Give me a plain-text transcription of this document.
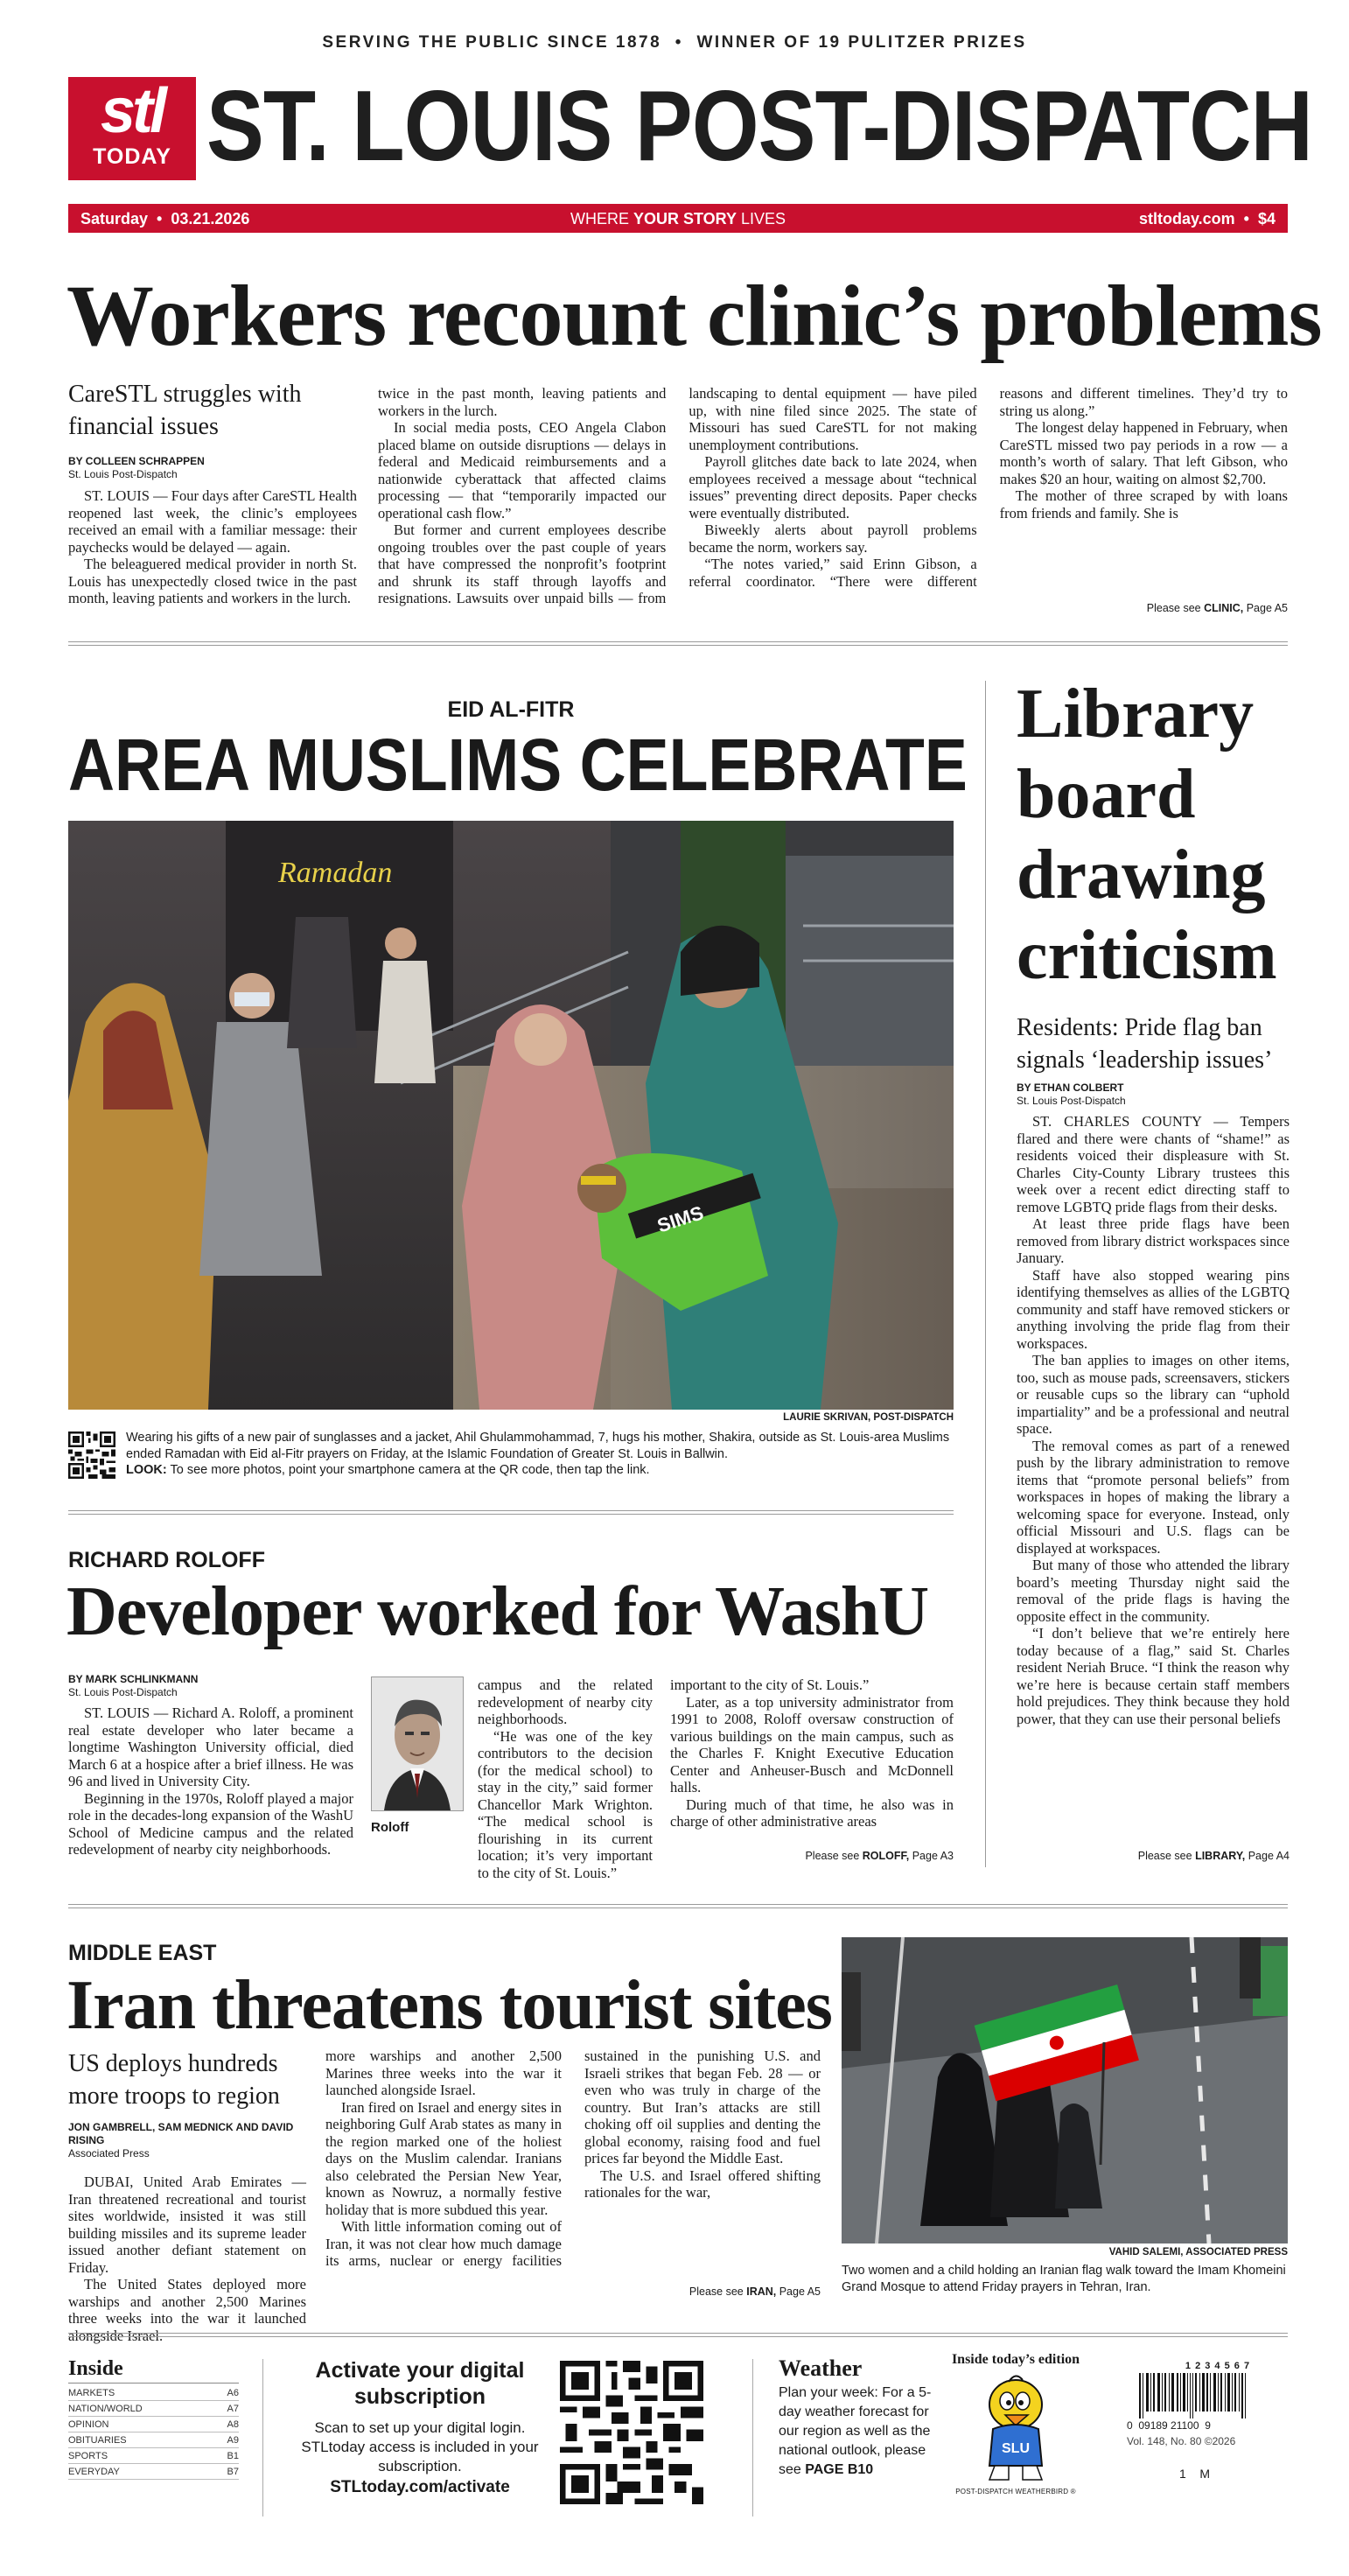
SERVING THE PUBLIC SINCE 1878  •  WINNER OF 19 PULITZER PRIZES
stl
TODAY ST. LOUIS POST-DISPATCH
Saturday  •  03.21.2026	WHERE YOUR STORY LIVES	stltoday.com  •  $4
Workers recount clinic’s problems
CareSTL struggles with financial issues
BY COLLEEN SCHRAPPEN
St. Louis Post-Dispatch

ST. LOUIS — Four days after CareSTL Health reopened last week, the clinic’s employees received an email with a familiar message: their paychecks would be delayed — again.

The beleaguered medical provider in north St. Louis has unexpectedly closed twice in the past month, leaving patients and workers in the lurch.

twice in the past month, leaving patients and workers in the lurch.

In social media posts, CEO Angela Clabon placed blame on outside disruptions — delays in federal and Medicaid reimbursements and a nationwide cyberattack that affected claims processing — that “temporarily impacted our operational cash flow.”

But former and current employees describe ongoing troubles over the past couple of years that have compressed the nonprofit’s footprint and shrunk its staff through layoffs and resignations. Lawsuits over unpaid bills — from landscaping to dental equipment — have piled up, with nine filed since 2025. The state of Missouri has sued CareSTL for not making unemployment contributions.

Payroll glitches date back to late 2024, when employees received a message about “technical issues” preventing direct deposits. Paper checks were eventually distributed.

Biweekly alerts about payroll problems became the norm, workers say.

“The notes varied,” said Erinn Gibson, a referral coordinator. “There were different reasons and different timelines. They’d try to string us along.”

The longest delay happened in February, when CareSTL missed two pay periods in a row — a month’s worth of salary. That left Gibson, who makes $20 an hour, waiting on almost $2,700.

The mother of three scraped by with loans from friends and family. She is

Please see CLINIC, Page A5
EID AL-FITR
AREA MUSLIMS CELEBRATE
SIMS
Ramadan
LAURIE SKRIVAN, POST-DISPATCH
Wearing his gifts of a new pair of sunglasses and a jacket, Ahil Ghulammohammad, 7, hugs his mother, Shakira, outside as St. Louis-area Muslims ended Ramadan with Eid al-Fitr prayers on Friday, at the Islamic Foundation of Greater St. Louis in Ballwin.
LOOK: To see more photos, point your smartphone camera at the QR code, then tap the link.
RICHARD ROLOFF
Developer worked for WashU
BY MARK SCHLINKMANN
St. Louis Post-Dispatch

ST. LOUIS — Richard A. Roloff, a prominent real estate developer who later became a longtime Washington University official, died March 6 at a hospice after a brief illness. He was 96 and lived in University City.

Beginning in the 1970s, Roloff played a major role in the decades-long expansion of the WashU School of Medicine campus and the related redevelopment of nearby city neighborhoods.

Roloff

campus and the related redevelopment of nearby city neighborhoods.

“He was one of the key contributors to the decision (for the medical school) to stay in the city,” said former Chancellor Mark Wrighton. “The medical school is flourishing in its current location; it’s very important to the city of St. Louis.”

important to the city of St. Louis.”

Later, as a top university administrator from 1991 to 2008, Roloff oversaw construction of various buildings on the main campus, such as the Charles F. Knight Executive Education Center and Anheuser-Busch and McDonnell halls.

During much of that time, he also was in charge of other administrative areas

Please see ROLOFF, Page A3
Library board drawing criticism
Residents: Pride flag ban signals ‘leadership issues’
BY ETHAN COLBERT
St. Louis Post-Dispatch

ST. CHARLES COUNTY — Tempers flared and there were chants of “shame!” as residents voiced their displeasure with St. Charles City-County Library trustees this week over a recent edict directing staff to remove LGBTQ pride flags from their desks.

At least three pride flags have been removed from library district workspaces since January.

Staff have also stopped wearing pins identifying themselves as allies of the LGBTQ community and staff have removed stickers or anything involving the pride flag from their workspaces.

The ban applies to images on other items, too, such as mouse pads, screensavers, stickers or reusable cups so the library can “uphold impartiality” and be a professional and neutral space.

The removal comes as part of a renewed push by the library administration to remove items that “promote personal beliefs” from workspaces in hopes of making the library a welcoming space for everyone. Instead, only official Missouri and U.S. flags can be displayed at workspaces.

But many of those who attended the library board’s meeting Thursday night said the removal of the pride flags is having the opposite effect in the community.

“I don’t believe that we’re entirely here today because of a flag,” said St. Charles resident Neriah Bruce. “I think the reason why we’re here is because certain staff members hold prejudices. They think because they hold power, that they can use their personal beliefs

Please see LIBRARY, Page A4
MIDDLE EAST
Iran threatens tourist sites
US deploys hundreds more troops to region
JON GAMBRELL, SAM MEDNICK AND DAVID RISING
Associated Press

DUBAI, United Arab Emirates — Iran threatened recreational and tourist sites worldwide, insisted it was still building missiles and its supreme leader issued another defiant statement on Friday.

The United States deployed more warships and another 2,500 Marines three weeks into the war it launched alongside Israel.

more warships and another 2,500 Marines three weeks into the war it launched alongside Israel.

Iran fired on Israel and energy sites in neighboring Gulf Arab states as many in the region marked one of the holiest days on the Muslim calendar. Iranians also celebrated the Persian New Year, known as Nowruz, a normally festive holiday that is more subdued this year.

With little information coming out of Iran, it was not clear how much damage its arms, nuclear or energy facilities sustained in the punishing U.S. and Israeli strikes that began Feb. 28 — or even who was truly in charge of the country. But Iran’s attacks are still choking off oil supplies and denting the global economy, raising food and fuel prices far beyond the Middle East.

The U.S. and Israel offered shifting rationales for the war,

Please see IRAN, Page A5
VAHID SALEMI, ASSOCIATED PRESS
Two women and a child holding an Iranian flag walk toward the Imam Khomeini Grand Mosque to attend Friday prayers in Tehran, Iran.
Inside
MARKETS	A6
NATION/WORLD	A7
OPINION	A8
OBITUARIES	A9
SPORTS	B1
EVERYDAY	B7
Activate your digital subscription
Scan to set up your digital login. STLtoday access is included in your subscription.
STLtoday.com/activate
Weather
Plan your week: For a 5-day weather forecast for our region as well as the national outlook, please see PAGE B10
Inside today’s edition
SLU
POST-DISPATCH WEATHERBIRD ®
1 2 3 4 5 6 7
0  09189 21100  9
Vol. 148, No. 80 ©2026
1    M
